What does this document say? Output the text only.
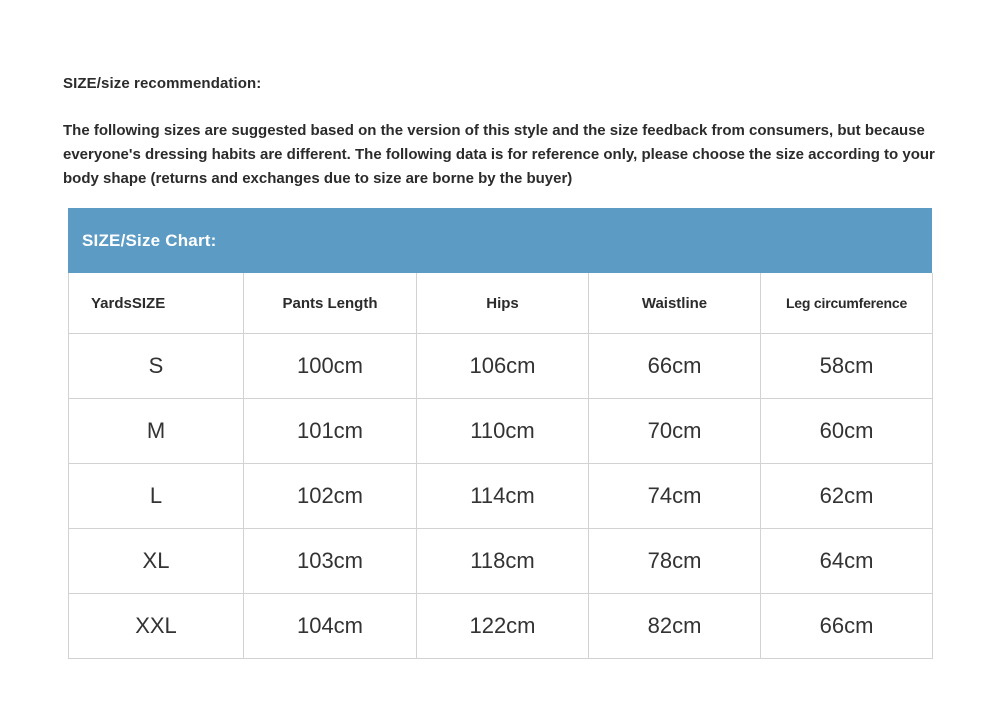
SIZE/size recommendation:
The following sizes are suggested based on the version of this style and the size feedback from consumers, but because everyone's dressing habits are different. The following data is for reference only, please choose the size according to your body shape (returns and exchanges due to size are borne by the buyer)
SIZE/Size Chart:
YardsSIZE	Pants Length	Hips	Waistline	Leg circumference
S	100cm	106cm	66cm	58cm
M	101cm	110cm	70cm	60cm
L	102cm	114cm	74cm	62cm
XL	103cm	118cm	78cm	64cm
XXL	104cm	122cm	82cm	66cm
